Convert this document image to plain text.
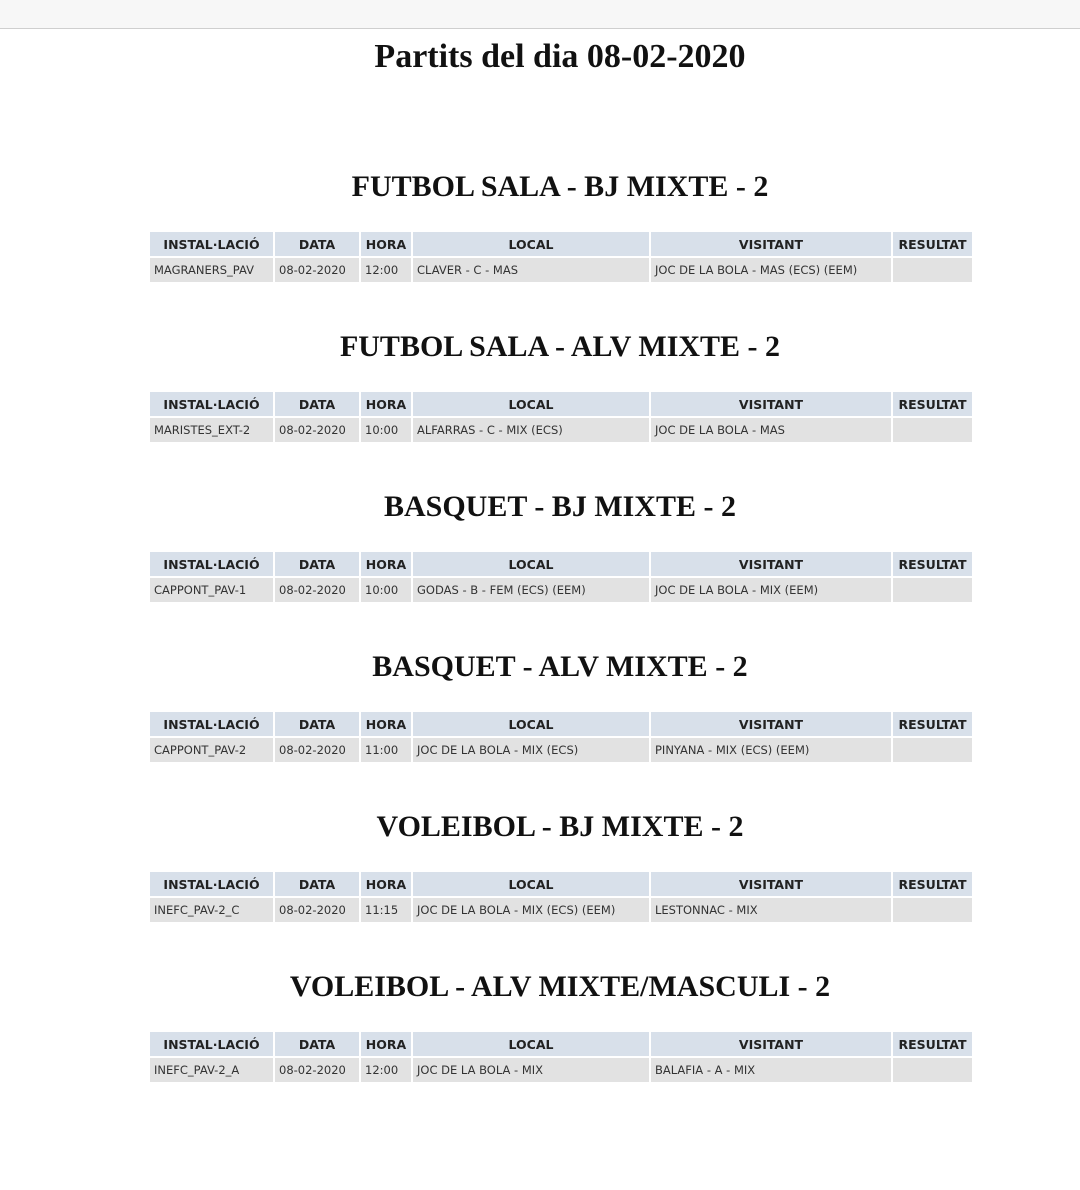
Partits del dia 08-02-2020
FUTBOL SALA - BJ MIXTE - 2
INSTAL·LACIÓ	DATA	HORA	LOCAL	VISITANT	RESULTAT
MAGRANERS_PAV	08-02-2020	12:00	CLAVER - C - MAS	JOC DE LA BOLA - MAS (ECS) (EEM)	
FUTBOL SALA - ALV MIXTE - 2
INSTAL·LACIÓ	DATA	HORA	LOCAL	VISITANT	RESULTAT
MARISTES_EXT-2	08-02-2020	10:00	ALFARRAS - C - MIX (ECS)	JOC DE LA BOLA - MAS	
BASQUET - BJ MIXTE - 2
INSTAL·LACIÓ	DATA	HORA	LOCAL	VISITANT	RESULTAT
CAPPONT_PAV-1	08-02-2020	10:00	GODAS - B - FEM (ECS) (EEM)	JOC DE LA BOLA - MIX (EEM)	
BASQUET - ALV MIXTE - 2
INSTAL·LACIÓ	DATA	HORA	LOCAL	VISITANT	RESULTAT
CAPPONT_PAV-2	08-02-2020	11:00	JOC DE LA BOLA - MIX (ECS)	PINYANA - MIX (ECS) (EEM)	
VOLEIBOL - BJ MIXTE - 2
INSTAL·LACIÓ	DATA	HORA	LOCAL	VISITANT	RESULTAT
INEFC_PAV-2_C	08-02-2020	11:15	JOC DE LA BOLA - MIX (ECS) (EEM)	LESTONNAC - MIX	
VOLEIBOL - ALV MIXTE/MASCULI - 2
INSTAL·LACIÓ	DATA	HORA	LOCAL	VISITANT	RESULTAT
INEFC_PAV-2_A	08-02-2020	12:00	JOC DE LA BOLA - MIX	BALAFIA - A - MIX	
